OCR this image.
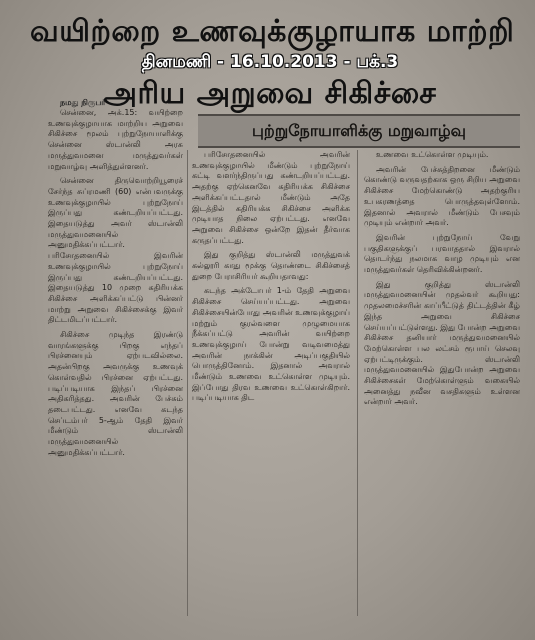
வயிற்றை உணவுக்குழாயாக மாற்றி
தினமணி - 16.10.2013 - பக்.3
அரிய அறுவை சிகிச்சை
புற்றுநோயாளிக்கு மறுவாழ்வு
நமது நிருபர்

சென்னை, அக்.15: வயிற்றை உணவுக்குழாயாக மாற்றிய அறுவை சிகிச்சை மூலம் புற்றுநோயாளிக்கு சென்னை ஸ்டான்லி அரசு மருத்துவமனை மருத்துவர்கள் மறுவாழ்வு அளித்துள்ளனர்.

சென்னை திருவொற்றியூரைச் சேர்ந்த சுப்ரமணி (60) என்பவருக்கு உணவுக்குழாயில் புற்றுநோய் இருப்பது கண்டறியப்பட்டது. இதையடுத்து அவர் ஸ்டான்லி மருத்துவமனையில் அனுமதிக்கப்பட்டார். பரிசோதனையில் இவரின் உணவுக்குழாயில் புற்றுநோய் இருப்பது கண்டறியப்பட்டது. இதையடுத்து 10 முறை கதிரியக்க சிகிச்சை அளிக்கப்பட்டு பின்னர் மாற்று அறுவை சிகிச்சைக்கு இவர் திட்டமிடப்பட்டார்.

சிகிச்சை முடிந்த இரண்டு வாரங்களுக்கு பிறகு எந்தப் பிரச்னையும் ஏற்படவில்லை. அதன்பிறகு அவருக்கு உணவுக் கொள்வதில் பிரச்னை ஏற்பட்டது. படிப்படியாக இந்தப் பிரச்னை அதிகரித்தது. அவரின் பேச்சும் தடைபட்டது. எனவே கடந்த செப்டம்பர் 5-ஆம் தேதி இவர் மீண்டும் ஸ்டான்லி மருத்துவமனையில் அனுமதிக்கப்பட்டார்.

பரிசோதனையில் அவரின் உணவுக்குழாயில் மீண்டும் புற்றுநோய் கட்டி வளர்ந்திருப்பது கண்டறியப்பட்டது. அதற்கு ஏற்கெனவே கதிரியக்க சிகிச்சை அளிக்கப்பட்டதால் மீண்டும் அதே இடத்தில் கதிரியக்க சிகிச்சை அளிக்க முடியாத நிலை ஏற்பட்டது. எனவே அறுவை சிகிச்சை ஒன்றே இதன் தீர்வாக கருதப்பட்டது.

இது குறித்து ஸ்டான்லி மருத்துவக் கல்லூரி காது மூக்கு தொண்டை சிகிச்சைத் துறை பேராசிரியர் கூறியதாவது:

கடந்த அக்டோபர் 1-ம் தேதி அறுவை சிகிச்சை செய்யப்பட்டது. அறுவை சிகிச்சையின்போது அவரின் உணவுக்குழாய் மற்றும் குரல்வளை முழுமையாக நீக்கப்பட்டு அவரின் வயிற்றை உணவுக்குழாய் போன்று வடிவமைத்து அவரின் நாக்கின் அடிப்பகுதியில் பொருத்தினோம். இதனால் அவரால் மீண்டும் உணவை உட்கொள்ள முடியும். இப்போது திரவ உணவை உட்கொள்கிறார். படிப்படியாக திட

உணவை உட்கொள்ள முடியும்.

அவரின் பேச்சுத்திறனை மீண்டும் கொண்டு வருவதற்காக ஒரு சிறிய அறுவை சிகிச்சை மேற்கொண்டு அதற்குரிய உபகரணத்தை பொருத்தவுள்ளோம். இதனால் அவரால் மீண்டும் பேசவும் முடியும் என்றார் அவர்.

இவரின் புற்றுநோய் வேறு பகுதிகளுக்குப் பரவாததால் இவரால் தொடர்ந்து நலமாக வாழ முடியும் என மருத்துவர்கள் தெரிவிக்கின்றனர்.

இது குறித்து ஸ்டான்லி மருத்துவமனையின் முதல்வர் கூறியது: முதலமைச்சரின் காப்பீட்டுத் திட்டத்தின் கீழ் இந்த அறுவை சிகிச்சை செய்யப்பட்டுள்ளது. இது போன்ற அறுவை சிகிச்சை தனியார் மருத்துவமனையில் மேற்கொள்ள பல லட்சம் ரூபாய் செலவு ஏற்பட்டிருக்கும். ஸ்டான்லி மருத்துவமனையில் இதுபோன்ற அறுவை சிகிச்சைகள் மேற்கொள்ளும் வகையில் அனைத்து நவீன வசதிகளும் உள்ளன என்றார் அவர்.
